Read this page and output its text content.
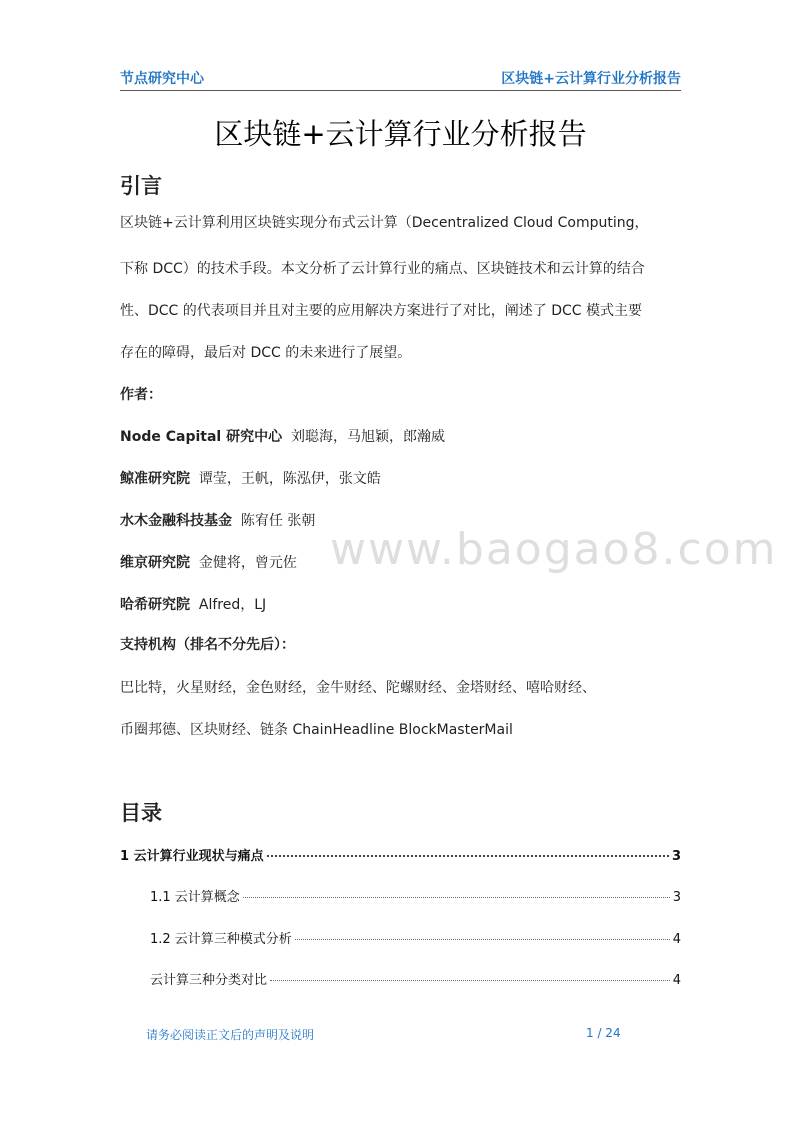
节点研究中心	区块链+云计算行业分析报告
区块链+云计算行业分析报告
引言
区块链+云计算利用区块链实现分布式云计算（Decentralized Cloud Computing，
下称 DCC）的技术手段。本文分析了云计算行业的痛点、区块链技术和云计算的结合
性、DCC 的代表项目并且对主要的应用解决方案进行了对比，阐述了 DCC 模式主要
存在的障碍，最后对 DCC 的未来进行了展望。
作者：
Node Capital 研究中心 刘聪海，马旭颖，郎瀚威
鲸准研究院 谭莹，王帆，陈泓伊，张文皓
水木金融科技基金 陈宥任 张朝
维京研究院 金健将，曾元佐
哈希研究院 Alfred，LJ
支持机构（排名不分先后）：
巴比特，火星财经，金色财经，金牛财经、陀螺财经、金塔财经、嘻哈财经、
币圈邦德、区块财经、链条 ChainHeadline BlockMasterMail
www.baogao8.com
目录
1 云计算行业现状与痛点	3
1.1 云计算概念	3
1.2 云计算三种模式分析	4
云计算三种分类对比	4
请务必阅读正文后的声明及说明	1 / 24
